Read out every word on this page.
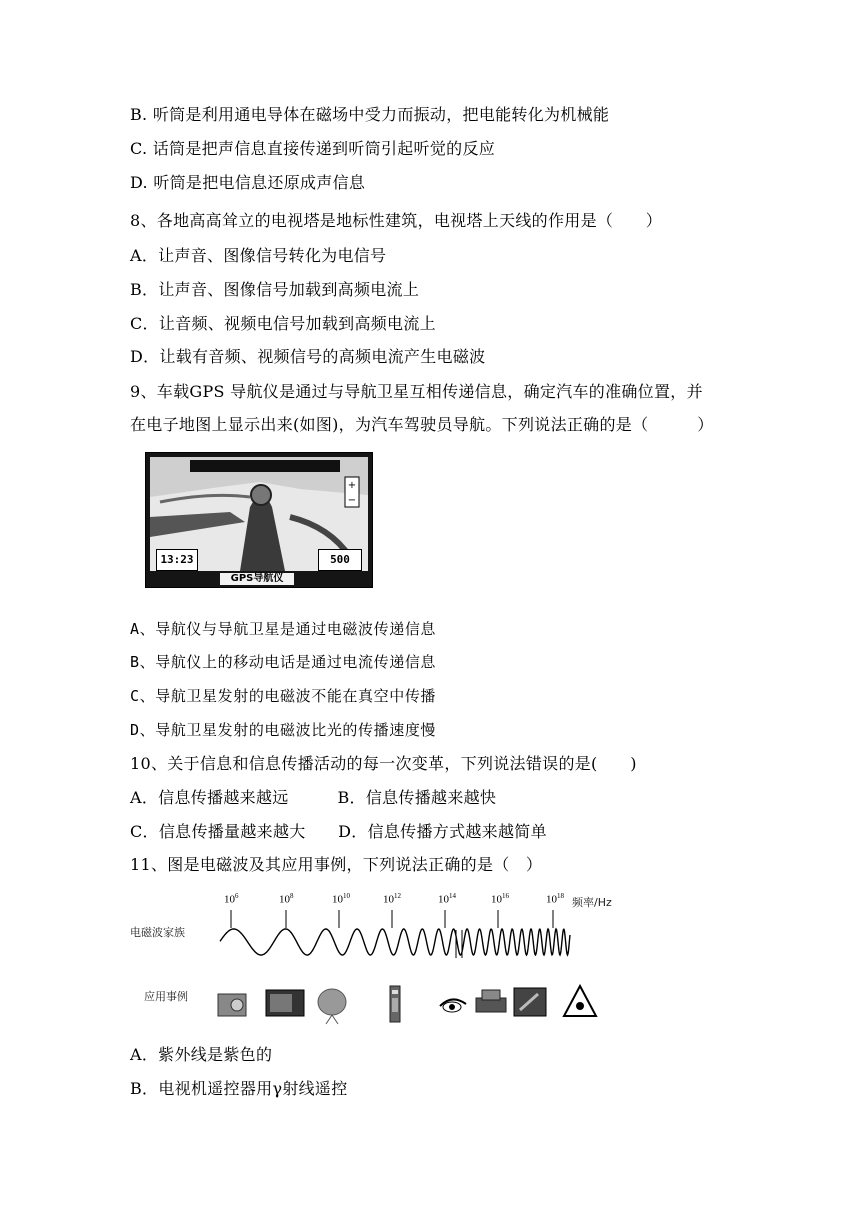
B. 听筒是利用通电导体在磁场中受力而振动，把电能转化为机械能
C. 话筒是把声信息直接传递到听筒引起听觉的反应
D. 听筒是把电信息还原成声信息
8、各地高高耸立的电视塔是地标性建筑，电视塔上天线的作用是（　　）
A．让声音、图像信号转化为电信号
B．让声音、图像信号加载到高频电流上
C．让音频、视频电信号加载到高频电流上
D．让载有音频、视频信号的高频电流产生电磁波
9、车载GPS 导航仪是通过与导航卫星互相传递信息，确定汽车的准确位置，并
在电子地图上显示出来(如图)，为汽车驾驶员导航。下列说法正确的是（　　　）
+
−
13:23	500
GPS导航仪
A、导航仪与导航卫星是通过电磁波传递信息
B、导航仪上的移动电话是通过电流传递信息
C、导航卫星发射的电磁波不能在真空中传播
D、导航卫星发射的电磁波比光的传播速度慢
10、关于信息和信息传播活动的每一次变革，下列说法错误的是(　　)
A．信息传播越来越远　　　B．信息传播越来越快
C．信息传播量越来越大　　D．信息传播方式越来越简单
11、图是电磁波及其应用事例，下列说法正确的是（　）
$10^6$	$10^8$	$10^{10}$	$10^{12}$	$10^{14}$	$10^{16}$	$10^{18}$ 频率/Hz
电磁波家族
应用事例
A．紫外线是紫色的
B．电视机遥控器用γ射线遥控
